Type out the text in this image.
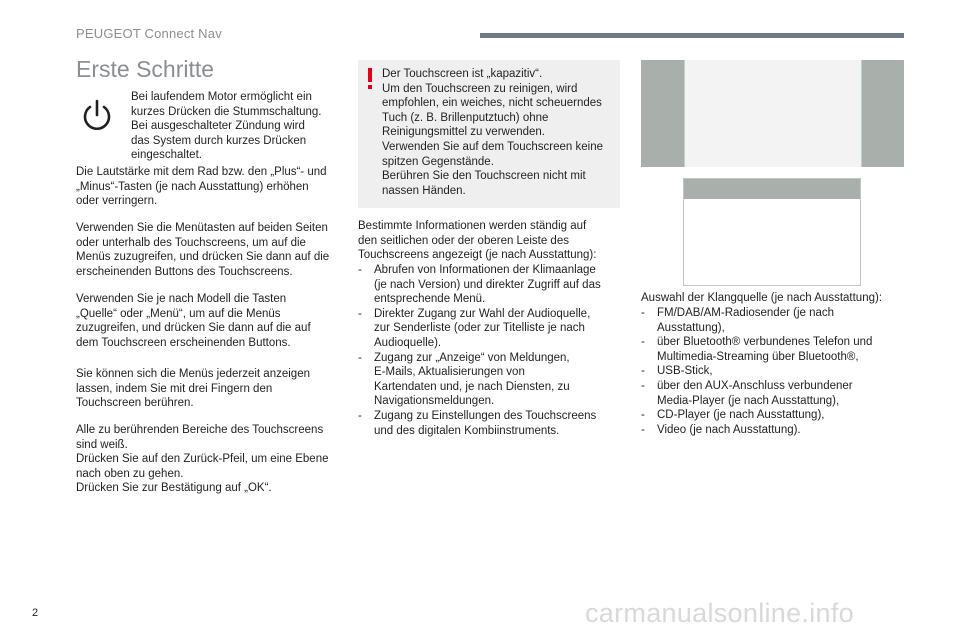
PEUGEOT Connect Nav
Erste Schritte
Bei laufendem Motor ermöglicht ein
kurzes Drücken die Stummschaltung.
Bei ausgeschalteter Zündung wird
das System durch kurzes Drücken
eingeschaltet.
Die Lautstärke mit dem Rad bzw. den „Plus“- und
„Minus“-Tasten (je nach Ausstattung) erhöhen
oder verringern.
Verwenden Sie die Menütasten auf beiden Seiten
oder unterhalb des Touchscreens, um auf die
Menüs zuzugreifen, und drücken Sie dann auf die
erscheinenden Buttons des Touchscreens.
Verwenden Sie je nach Modell die Tasten
„Quelle“ oder „Menü“, um auf die Menüs
zuzugreifen, und drücken Sie dann auf die auf
dem Touchscreen erscheinenden Buttons.
Sie können sich die Menüs jederzeit anzeigen
lassen, indem Sie mit drei Fingern den
Touchscreen berühren.
Alle zu berührenden Bereiche des Touchscreens
sind weiß.
Drücken Sie auf den Zurück-Pfeil, um eine Ebene
nach oben zu gehen.
Drücken Sie zur Bestätigung auf „OK“.
Der Touchscreen ist „kapazitiv“.
Um den Touchscreen zu reinigen, wird
empfohlen, ein weiches, nicht scheuerndes
Tuch (z. B. Brillenputztuch) ohne
Reinigungsmittel zu verwenden.
Verwenden Sie auf dem Touchscreen keine
spitzen Gegenstände.
Berühren Sie den Touchscreen nicht mit
nassen Händen.
Bestimmte Informationen werden ständig auf
den seitlichen oder der oberen Leiste des
Touchscreens angezeigt (je nach Ausstattung):
- Abrufen von Informationen der Klimaanlage
(je nach Version) und direkter Zugriff auf das
entsprechende Menü.
- Direkter Zugang zur Wahl der Audioquelle,
zur Senderliste (oder zur Titelliste je nach
Audioquelle).
- Zugang zur „Anzeige“ von Meldungen,
E-Mails, Aktualisierungen von
Kartendaten und, je nach Diensten, zu
Navigationsmeldungen.
- Zugang zu Einstellungen des Touchscreens
und des digitalen Kombiinstruments.
Auswahl der Klangquelle (je nach Ausstattung):
- FM/DAB/AM-Radiosender (je nach
Ausstattung),
- über Bluetooth® verbundenes Telefon und
Multimedia-Streaming über Bluetooth®,
- USB-Stick,
- über den AUX-Anschluss verbundener
Media-Player (je nach Ausstattung),
- CD-Player (je nach Ausstattung),
- Video (je nach Ausstattung).
2	carmanualsonline.info
